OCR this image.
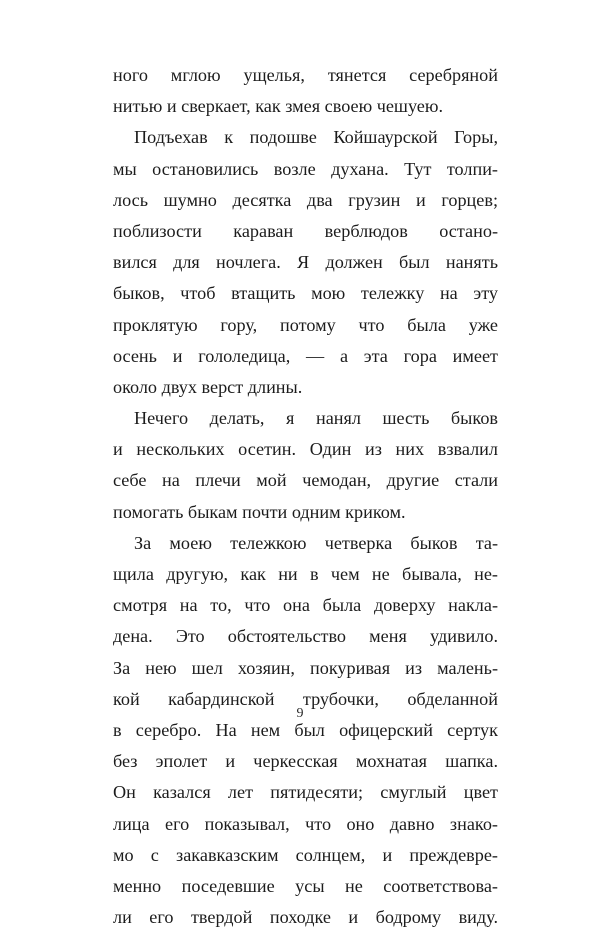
ного мглою ущелья, тянется серебряной
нитью и сверкает, как змея своею чешуею.
Подъехав к подошве Койшаурской Горы,
мы остановились возле духана. Тут толпи-
лось шумно десятка два грузин и горцев;
поблизости караван верблюдов остано-
вился для ночлега. Я должен был нанять
быков, чтоб втащить мою тележку на эту
проклятую гору, потому что была уже
осень и гололедица, — а эта гора имеет
около двух верст длины.
Нечего делать, я нанял шесть быков
и нескольких осетин. Один из них взвалил
себе на плечи мой чемодан, другие стали
помогать быкам почти одним криком.
За моею тележкою четверка быков та-
щила другую, как ни в чем не бывала, не-
смотря на то, что она была доверху накла-
дена. Это обстоятельство меня удивило.
За нею шел хозяин, покуривая из малень-
кой кабардинской трубочки, обделанной
в серебро. На нем был офицерский сертук
без эполет и черкесская мохнатая шапка.
Он казался лет пятидесяти; смуглый цвет
лица его показывал, что оно давно знако-
мо с закавказским солнцем, и преждевре-
менно поседевшие усы не соответствова-
ли его твердой походке и бодрому виду.
9
